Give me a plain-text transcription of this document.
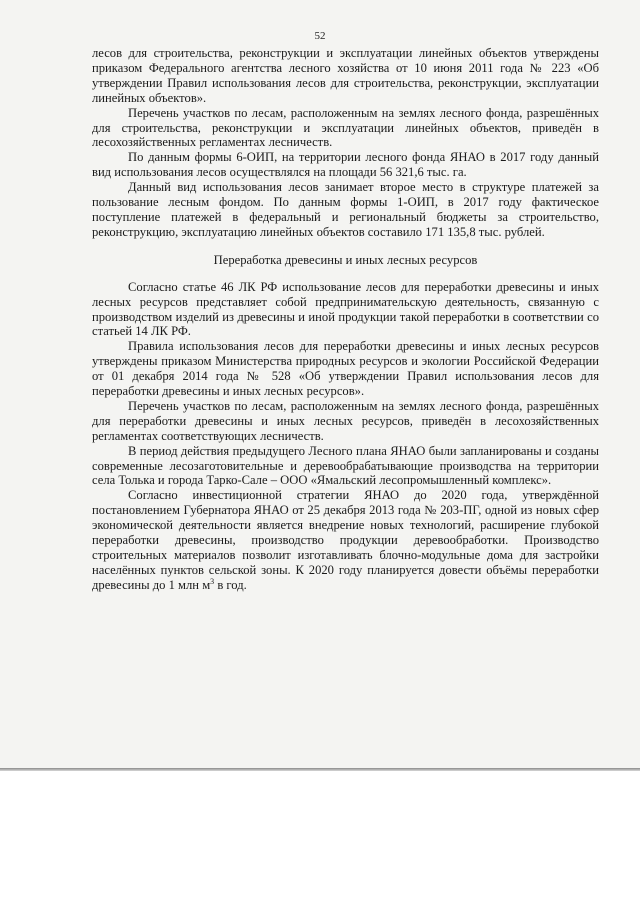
52

лесов для строительства, реконструкции и эксплуатации линейных объектов утверждены приказом Федерального агентства лесного хозяйства от 10 июня 2011 года № 223 «Об утверждении Правил использования лесов для строительства, реконструкции, эксплуатации линейных объектов».

Перечень участков по лесам, расположенным на землях лесного фонда, разрешённых для строительства, реконструкции и эксплуатации линейных объектов, приведён в лесохозяйственных регламентах лесничеств.

По данным формы 6-ОИП, на территории лесного фонда ЯНАО в 2017 году данный вид использования лесов осуществлялся на площади 56 321,6 тыс. га.

Данный вид использования лесов занимает второе место в структуре платежей за пользование лесным фондом. По данным формы 1-ОИП, в 2017 году фактическое поступление платежей в федеральный и региональный бюджеты за строительство, реконструкцию, эксплуатацию линейных объектов составило 171 135,8 тыс. рублей.

Переработка древесины и иных лесных ресурсов

Согласно статье 46 ЛК РФ использование лесов для переработки древесины и иных лесных ресурсов представляет собой предпринимательскую деятельность, связанную с производством изделий из древесины и иной продукции такой переработки в соответствии со статьей 14 ЛК РФ.

Правила использования лесов для переработки древесины и иных лесных ресурсов утверждены приказом Министерства природных ресурсов и экологии Российской Федерации от 01 декабря 2014 года № 528 «Об утверждении Правил использования лесов для переработки древесины и иных лесных ресурсов».

Перечень участков по лесам, расположенным на землях лесного фонда, разрешённых для переработки древесины и иных лесных ресурсов, приведён в лесохозяйственных регламентах соответствующих лесничеств.

В период действия предыдущего Лесного плана ЯНАО были запланированы и созданы современные лесозаготовительные и деревообрабатывающие производства на территории села Толька и города Тарко-Сале – ООО «Ямальский лесопромышленный комплекс».

Согласно инвестиционной стратегии ЯНАО до 2020 года, утверждённой постановлением Губернатора ЯНАО от 25 декабря 2013 года № 203-ПГ, одной из новых сфер экономической деятельности является внедрение новых технологий, расширение глубокой переработки древесины, производство продукции деревообработки. Производство строительных материалов позволит изготавливать блочно-модульные дома для застройки населённых пунктов сельской зоны. К 2020 году планируется довести объёмы переработки древесины до 1 млн $м^3$ в год.
